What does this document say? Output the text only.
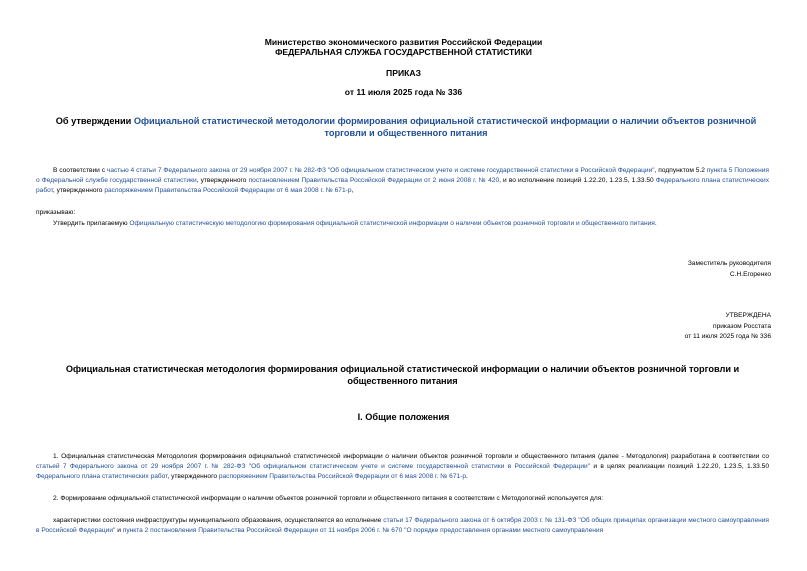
Министерство экономического развития Российской Федерации
ФЕДЕРАЛЬНАЯ СЛУЖБА ГОСУДАРСТВЕННОЙ СТАТИСТИКИ
ПРИКАЗ
от 11 июля 2025 года № 336
Об утверждении Официальной статистической методологии формирования официальной статистической информации о наличии объектов розничной торговли и общественного питания
В соответствии с частью 4 статьи 7 Федерального закона от 29 ноября 2007 г. № 282-ФЗ "Об официальном статистическом учете и системе государственной статистики в Российской Федерации", подпунктом 5.2 пункта 5 Положения о Федеральной службе государственной статистики, утвержденного постановлением Правительства Российской Федерации от 2 июня 2008 г. № 420, и во исполнение позиций 1.22.20, 1.23.5, 1.33.50 Федерального плана статистических работ, утвержденного распоряжением Правительства Российской Федерации от 6 мая 2008 г. № 671-р,
приказываю:
Утвердить прилагаемую Официальную статистическую методологию формирования официальной статистической информации о наличии объектов розничной торговли и общественного питания.
Заместитель руководителя
С.Н.Егоренко
УТВЕРЖДЕНА
приказом Росстата
от 11 июля 2025 года № 336
Официальная статистическая методология формирования официальной статистической информации о наличии объектов розничной торговли и общественного питания
I. Общие положения
1. Официальная статистическая Методология формирования официальной статистической информации о наличии объектов розничной торговли и общественного питания (далее - Методология) разработана в соответствии со статьей 7 Федерального закона от 29 ноября 2007 г. № 282-ФЗ "Об официальном статистическом учете и системе государственной статистики в Российской Федерации" и в целях реализации позиций 1.22.20, 1.23.5, 1.33.50 Федерального плана статистических работ, утвержденного распоряжением Правительства Российской Федерации от 6 мая 2008 г. № 671-р.
2. Формирование официальной статистической информации о наличии объектов розничной торговли и общественного питания в соответствии с Методологией используется для:
характеристики состояния инфраструктуры муниципального образования, осуществляется во исполнение статьи 17 Федерального закона от 6 октября 2003 г. № 131-ФЗ "Об общих принципах организации местного самоуправления в Российской Федерации" и пункта 2 постановления Правительства Российской Федерации от 11 ноября 2006 г. № 670 "О порядке предоставления органами местного самоуправления
